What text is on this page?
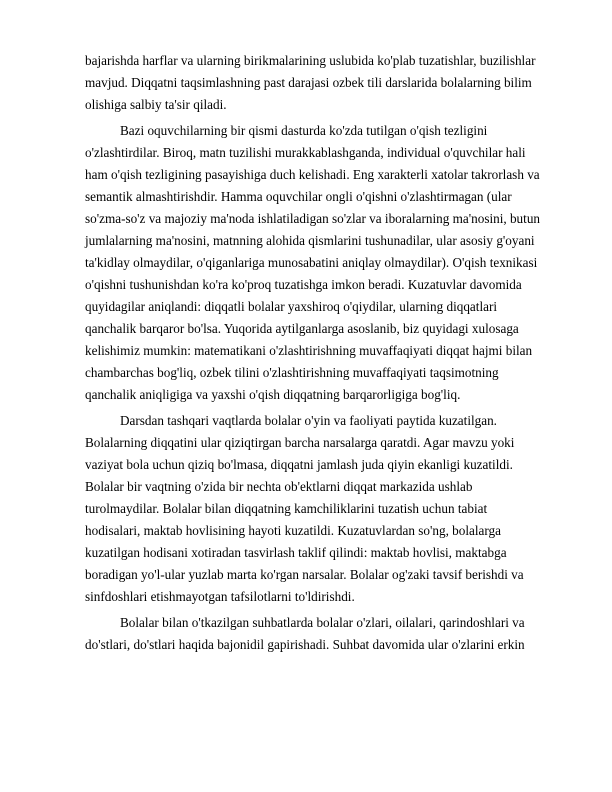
bajarishda harflar va ularning birikmalarining uslubida ko'plab tuzatishlar, buzilishlar
mavjud. Diqqatni taqsimlashning past darajasi ozbek tili darslarida bolalarning bilim
olishiga salbiy ta'sir qiladi.
Bazi oquvchilarning bir qismi dasturda ko'zda tutilgan o'qish tezligini
o'zlashtirdilar. Biroq, matn tuzilishi murakkablashganda, individual o'quvchilar hali
ham o'qish tezligining pasayishiga duch kelishadi. Eng xarakterli xatolar takrorlash va
semantik almashtirishdir. Hamma oquvchilar ongli o'qishni o'zlashtirmagan (ular
so'zma-so'z va majoziy ma'noda ishlatiladigan so'zlar va iboralarning ma'nosini, butun
jumlalarning ma'nosini, matnning alohida qismlarini tushunadilar, ular asosiy g'oyani
ta'kidlay olmaydilar, o'qiganlariga munosabatini aniqlay olmaydilar). O'qish texnikasi
o'qishni tushunishdan ko'ra ko'proq tuzatishga imkon beradi. Kuzatuvlar davomida
quyidagilar aniqlandi: diqqatli bolalar yaxshiroq o'qiydilar, ularning diqqatlari
qanchalik barqaror bo'lsa. Yuqorida aytilganlarga asoslanib, biz quyidagi xulosaga
kelishimiz mumkin: matematikani o'zlashtirishning muvaffaqiyati diqqat hajmi bilan
chambarchas bog'liq, ozbek tilini o'zlashtirishning muvaffaqiyati taqsimotning
qanchalik aniqligiga va yaxshi o'qish diqqatning barqarorligiga bog'liq.
Darsdan tashqari vaqtlarda bolalar o'yin va faoliyati paytida kuzatilgan.
Bolalarning diqqatini ular qiziqtirgan barcha narsalarga qaratdi. Agar mavzu yoki
vaziyat bola uchun qiziq bo'lmasa, diqqatni jamlash juda qiyin ekanligi kuzatildi.
Bolalar bir vaqtning o'zida bir nechta ob'ektlarni diqqat markazida ushlab
turolmaydilar. Bolalar bilan diqqatning kamchiliklarini tuzatish uchun tabiat
hodisalari, maktab hovlisining hayoti kuzatildi. Kuzatuvlardan so'ng, bolalarga
kuzatilgan hodisani xotiradan tasvirlash taklif qilindi: maktab hovlisi, maktabga
boradigan yo'l-ular yuzlab marta ko'rgan narsalar. Bolalar og'zaki tavsif berishdi va
sinfdoshlari etishmayotgan tafsilotlarni to'ldirishdi.
Bolalar bilan o'tkazilgan suhbatlarda bolalar o'zlari, oilalari, qarindoshlari va
do'stlari, do'stlari haqida bajonidil gapirishadi. Suhbat davomida ular o'zlarini erkin
